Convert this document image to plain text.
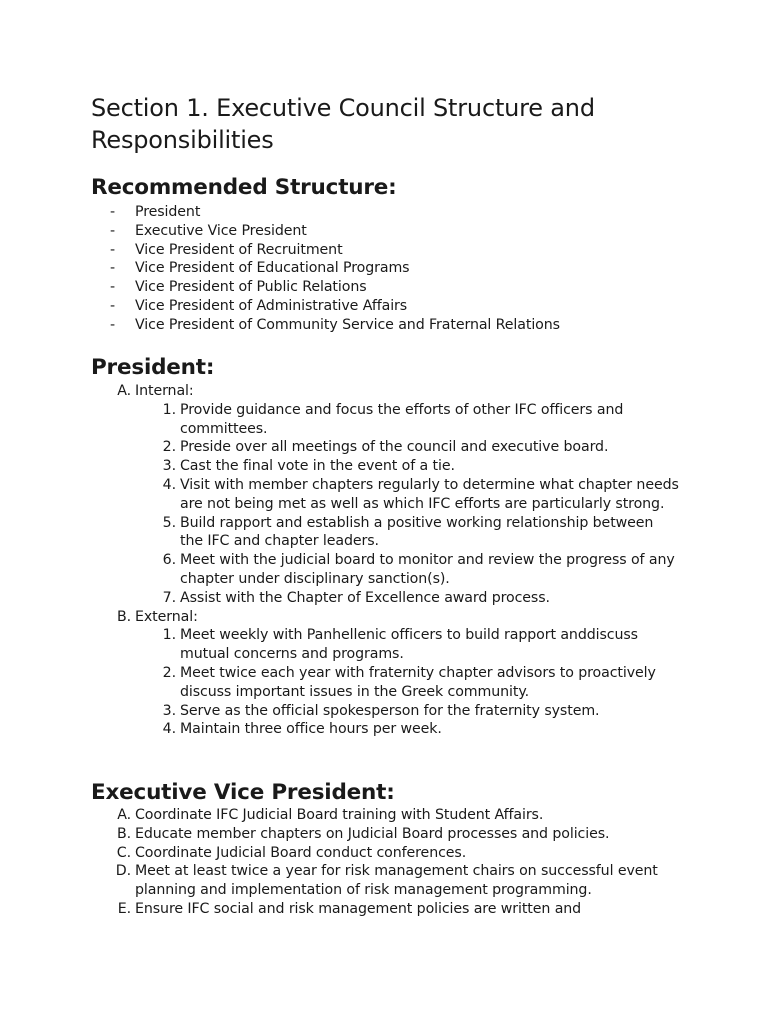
Section 1. Executive Council Structure and Responsibilities
Recommended Structure:
- President
- Executive Vice President
- Vice President of Recruitment
- Vice President of Educational Programs
- Vice President of Public Relations
- Vice President of Administrative Affairs
- Vice President of Community Service and Fraternal Relations
President:
A. Internal:
1. Provide guidance and focus the efforts of other IFC officers and committees.
2. Preside over all meetings of the council and executive board.
3. Cast the final vote in the event of a tie.
4. Visit with member chapters regularly to determine what chapter needs are not being met as well as which IFC efforts are particularly strong.
5. Build rapport and establish a positive working relationship between the IFC and chapter leaders.
6. Meet with the judicial board to monitor and review the progress of any chapter under disciplinary sanction(s).
7. Assist with the Chapter of Excellence award process.
B. External:
1. Meet weekly with Panhellenic officers to build rapport anddiscuss mutual concerns and programs.
2. Meet twice each year with fraternity chapter advisors to proactively discuss important issues in the Greek community.
3. Serve as the official spokesperson for the fraternity system.
4. Maintain three office hours per week.
Executive Vice President:
A. Coordinate IFC Judicial Board training with Student Affairs.
B. Educate member chapters on Judicial Board processes and policies.
C. Coordinate Judicial Board conduct conferences.
D. Meet at least twice a year for risk management chairs on successful event planning and implementation of risk management programming.
E. Ensure IFC social and risk management policies are written and
